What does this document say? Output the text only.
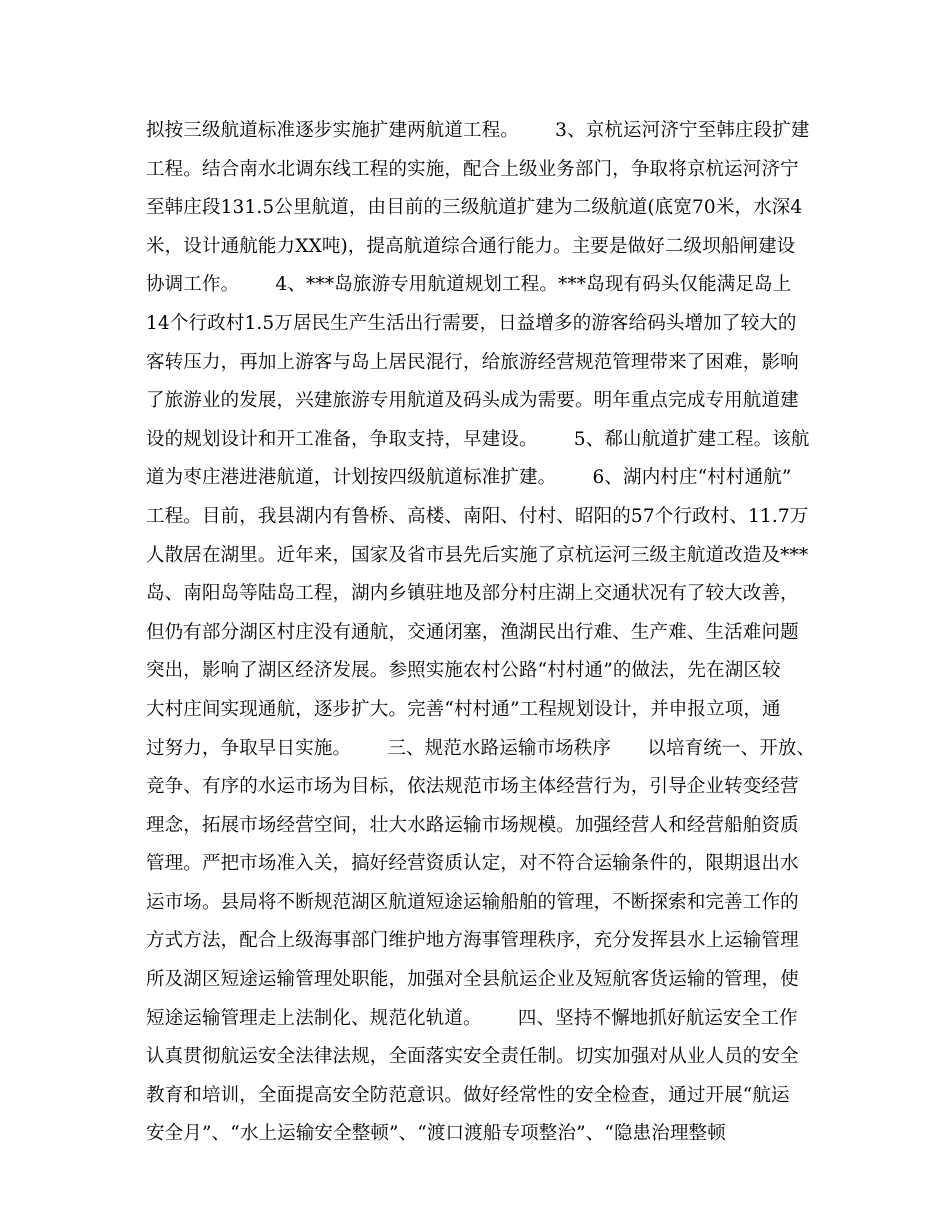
拟按三级航道标准逐步实施扩建两航道工程。      3、京杭运河济宁至韩庄段扩建
工程。结合南水北调东线工程的实施，配合上级业务部门，争取将京杭运河济宁
至韩庄段131.5公里航道，由目前的三级航道扩建为二级航道(底宽70米，水深4
米，设计通航能力XX吨)，提高航道综合通行能力。主要是做好二级坝船闸建设
协调工作。      4、***岛旅游专用航道规划工程。***岛现有码头仅能满足岛上
14个行政村1.5万居民生产生活出行需要，日益增多的游客给码头增加了较大的
客转压力，再加上游客与岛上居民混行，给旅游经营规范管理带来了困难，影响
了旅游业的发展，兴建旅游专用航道及码头成为需要。明年重点完成专用航道建
设的规划设计和开工准备，争取支持，早建设。      5、郗山航道扩建工程。该航
道为枣庄港进港航道，计划按四级航道标准扩建。      6、湖内村庄“村村通航”
工程。目前，我县湖内有鲁桥、高楼、南阳、付村、昭阳的57个行政村、11.7万
人散居在湖里。近年来，国家及省市县先后实施了京杭运河三级主航道改造及***
岛、南阳岛等陆岛工程，湖内乡镇驻地及部分村庄湖上交通状况有了较大改善，
但仍有部分湖区村庄没有通航，交通闭塞，渔湖民出行难、生产难、生活难问题
突出，影响了湖区经济发展。参照实施农村公路“村村通”的做法，先在湖区较
大村庄间实现通航，逐步扩大。完善“村村通”工程规划设计，并申报立项，通
过努力，争取早日实施。      三、规范水路运输市场秩序      以培育统一、开放、
竞争、有序的水运市场为目标，依法规范市场主体经营行为，引导企业转变经营
理念，拓展市场经营空间，壮大水路运输市场规模。加强经营人和经营船舶资质
管理。严把市场准入关，搞好经营资质认定，对不符合运输条件的，限期退出水
运市场。县局将不断规范湖区航道短途运输船舶的管理，不断探索和完善工作的
方式方法，配合上级海事部门维护地方海事管理秩序，充分发挥县水上运输管理
所及湖区短途运输管理处职能，加强对全县航运企业及短航客货运输的管理，使
短途运输管理走上法制化、规范化轨道。      四、坚持不懈地抓好航运安全工作
认真贯彻航运安全法律法规，全面落实安全责任制。切实加强对从业人员的安全
教育和培训，全面提高安全防范意识。做好经常性的安全检查，通过开展“航运
安全月”、“水上运输安全整顿”、“渡口渡船专项整治”、“隐患治理整顿
